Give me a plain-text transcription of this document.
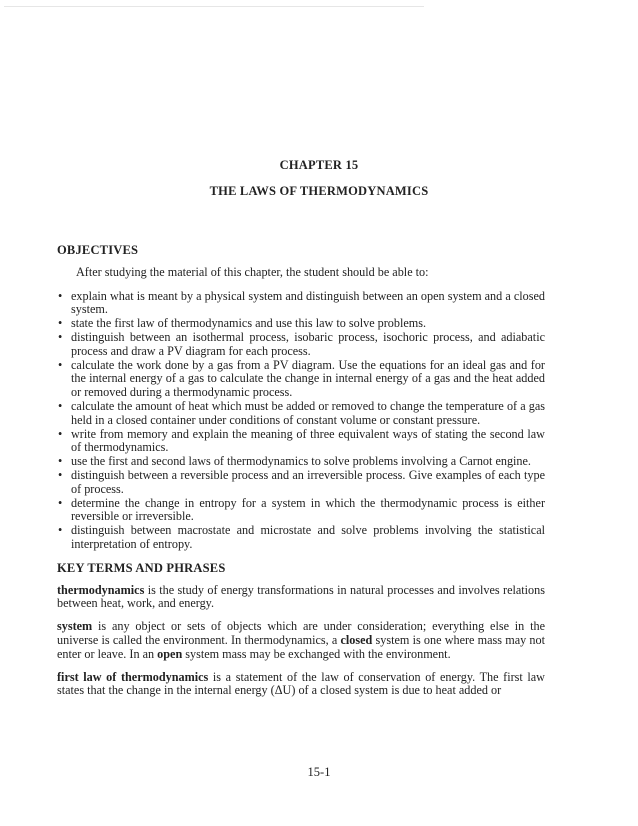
CHAPTER 15
THE LAWS OF THERMODYNAMICS
OBJECTIVES
After studying the material of this chapter, the student should be able to:
• explain what is meant by a physical system and distinguish between an open system and a closed system.
• state the first law of thermodynamics and use this law to solve problems.
• distinguish between an isothermal process, isobaric process, isochoric process, and adiabatic process and draw a PV diagram for each process.
• calculate the work done by a gas from a PV diagram. Use the equations for an ideal gas and for the internal energy of a gas to calculate the change in internal energy of a gas and the heat added or removed during a thermodynamic process.
• calculate the amount of heat which must be added or removed to change the temperature of a gas held in a closed container under conditions of constant volume or constant pressure.
• write from memory and explain the meaning of three equivalent ways of stating the second law of thermodynamics.
• use the first and second laws of thermodynamics to solve problems involving a Carnot engine.
• distinguish between a reversible process and an irreversible process. Give examples of each type of process.
• determine the change in entropy for a system in which the thermodynamic process is either reversible or irreversible.
• distinguish between macrostate and microstate and solve problems involving the statistical interpretation of entropy.
KEY TERMS AND PHRASES

thermodynamics is the study of energy transformations in natural processes and involves relations between heat, work, and energy.

system is any object or sets of objects which are under consideration; everything else in the universe is called the environment. In thermodynamics, a closed system is one where mass may not enter or leave. In an open system mass may be exchanged with the environment.

first law of thermodynamics is a statement of the law of conservation of energy. The first law states that the change in the internal energy (ΔU) of a closed system is due to heat added or

15-1
